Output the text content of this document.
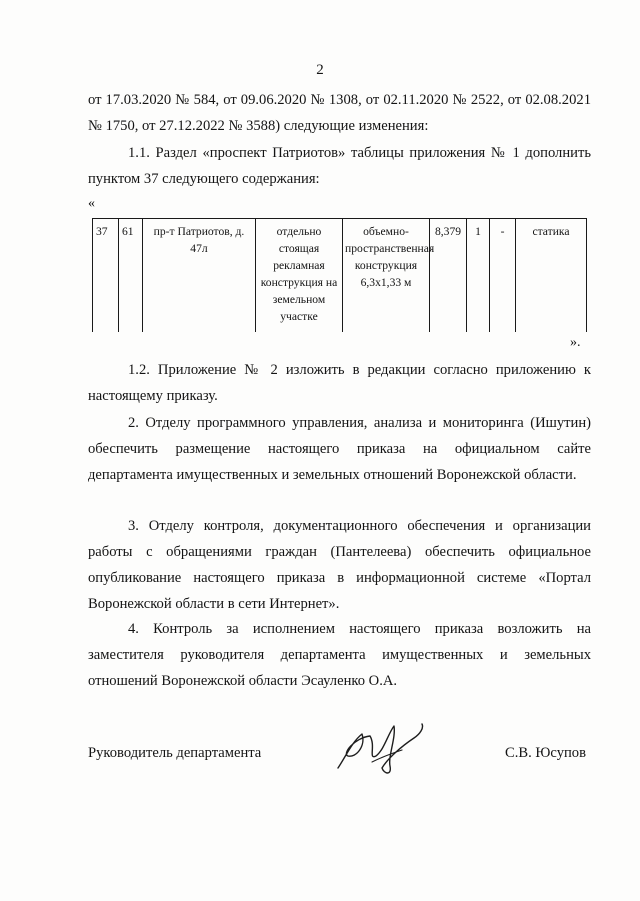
2

от 17.03.2020 № 584, от 09.06.2020 № 1308, от 02.11.2020 № 2522, от 02.08.2021 № 1750, от 27.12.2022 № 3588) следующие изменения:

1.1. Раздел «проспект Патриотов» таблицы приложения № 1 дополнить пунктом 37 следующего содержания:

«
37	61	пр-т Патриотов, д. 47л	отдельно стоящая рекламная конструкция на земельном участке	объемно-пространственная конструкция 6,3х1,33 м	8,379	1	-	статика
».

1.2. Приложение № 2 изложить в редакции согласно приложению к настоящему приказу.

2. Отделу программного управления, анализа и мониторинга (Ишутин) обеспечить размещение настоящего приказа на официальном сайте департамента имущественных и земельных отношений Воронежской области.

3. Отделу контроля, документационного обеспечения и организации работы с обращениями граждан (Пантелеева) обеспечить официальное опубликование настоящего приказа в информационной системе «Портал Воронежской области в сети Интернет».

4. Контроль за исполнением настоящего приказа возложить на заместителя руководителя департамента имущественных и земельных отношений Воронежской области Эсауленко О.А.

Руководитель департамента	С.В. Юсупов
